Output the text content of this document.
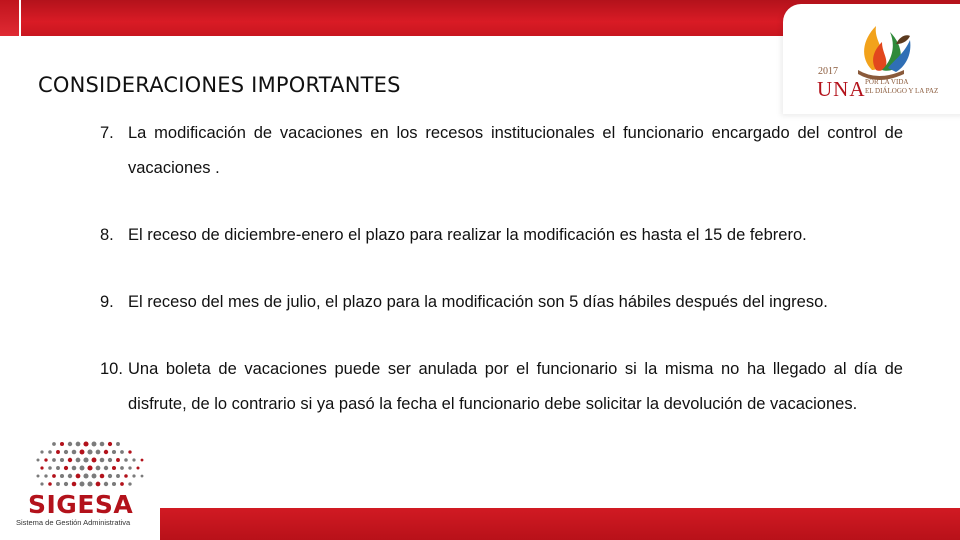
2017
UNA POR LA VIDA
EL DIÁLOGO Y LA PAZ
CONSIDERACIONES IMPORTANTES
7. La modificación de vacaciones en los recesos institucionales el funcionario encargado del control de vacaciones .
8. El receso de diciembre-enero el plazo para realizar la modificación es hasta el 15 de febrero.
9. El receso del mes de julio, el plazo para la modificación son 5 días hábiles después del ingreso.
10. Una boleta de vacaciones puede ser anulada por el funcionario si la misma no ha llegado al día de disfrute, de lo contrario si ya pasó la fecha el funcionario debe solicitar la devolución de vacaciones.
SIGESA
Sistema de Gestión Administrativa
